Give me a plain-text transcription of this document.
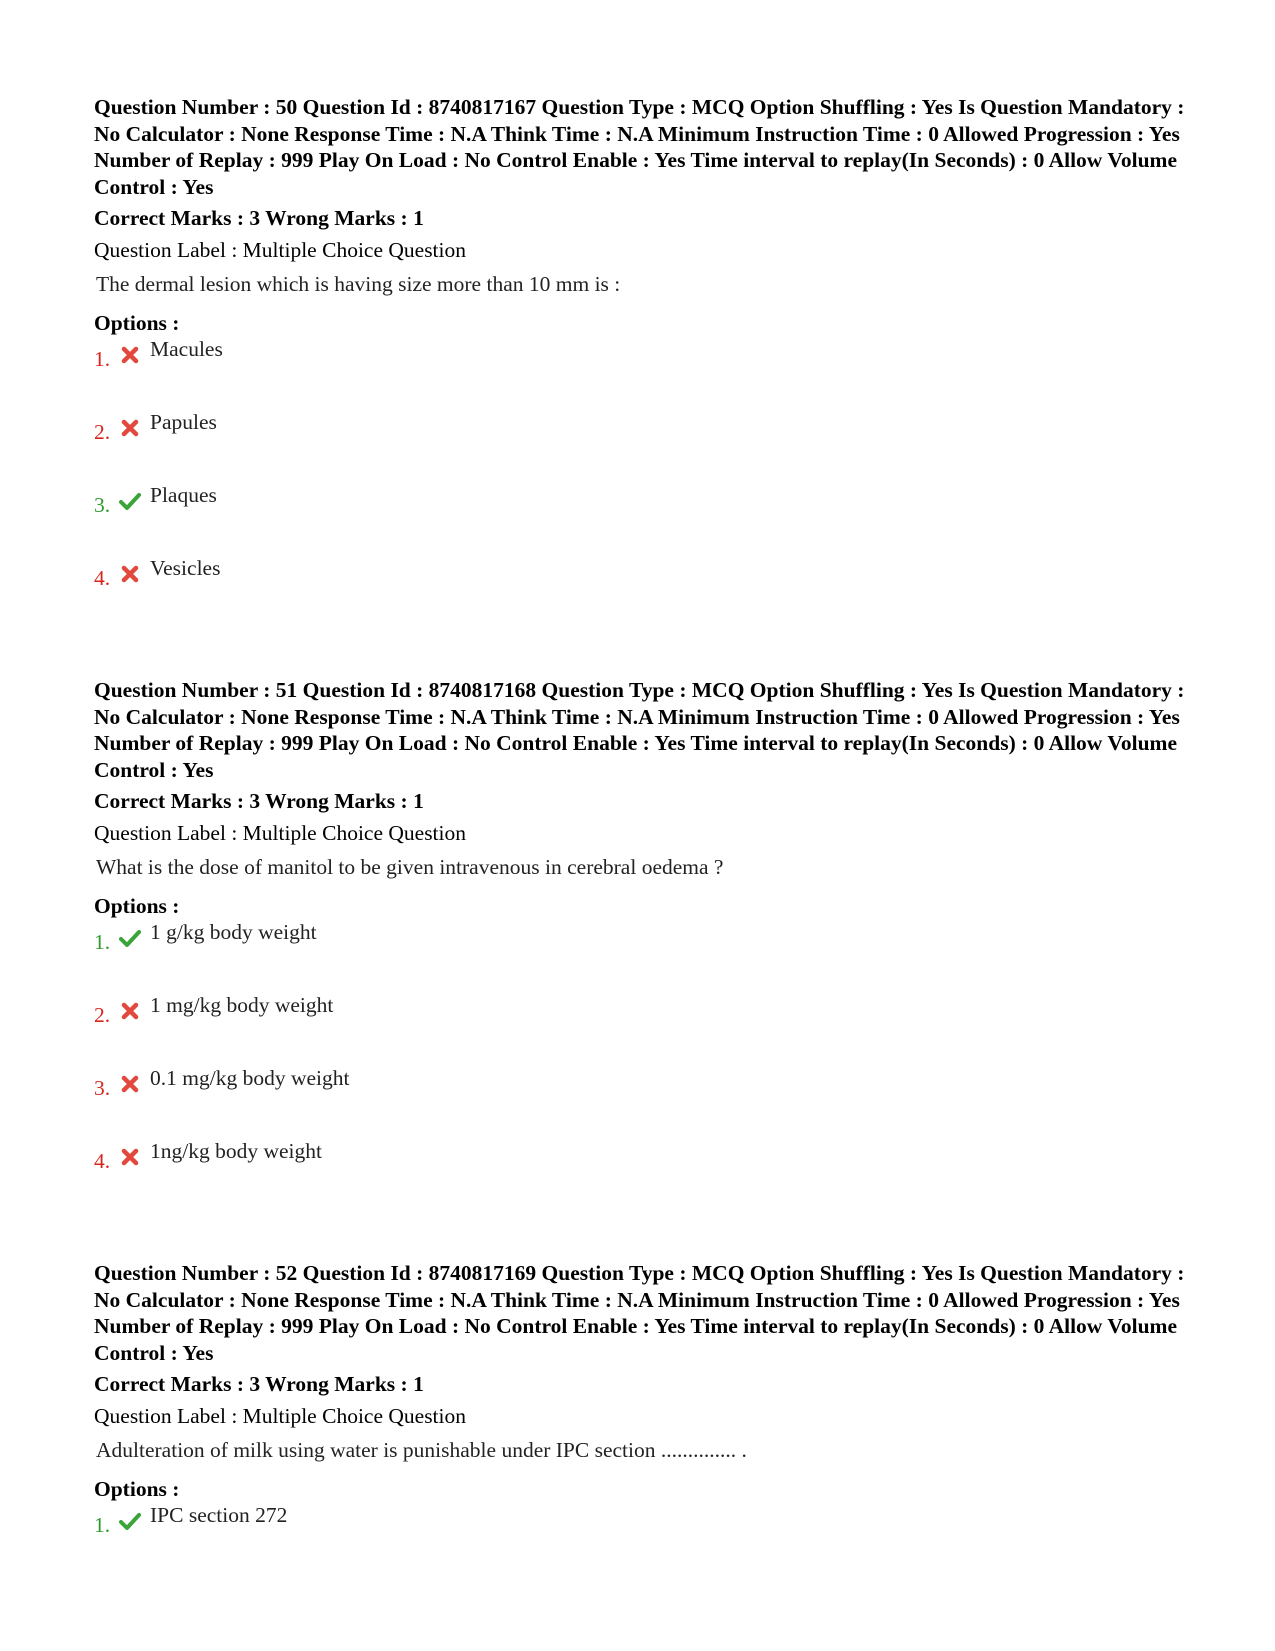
Question Number : 50 Question Id : 8740817167 Question Type : MCQ Option Shuffling : Yes Is Question Mandatory : No Calculator : None Response Time : N.A Think Time : N.A Minimum Instruction Time : 0 Allowed Progression : Yes Number of Replay : 999 Play On Load : No Control Enable : Yes Time interval to replay(In Seconds) : 0 Allow Volume Control : Yes
Correct Marks : 3 Wrong Marks : 1
Question Label : Multiple Choice Question
The dermal lesion which is having size more than 10 mm is :
Options :
1. Macules
2. Papules
3. Plaques
4. Vesicles
Question Number : 51 Question Id : 8740817168 Question Type : MCQ Option Shuffling : Yes Is Question Mandatory : No Calculator : None Response Time : N.A Think Time : N.A Minimum Instruction Time : 0 Allowed Progression : Yes Number of Replay : 999 Play On Load : No Control Enable : Yes Time interval to replay(In Seconds) : 0 Allow Volume Control : Yes
Correct Marks : 3 Wrong Marks : 1
Question Label : Multiple Choice Question
What is the dose of manitol to be given intravenous in cerebral oedema ?
Options :
1. 1 g/kg body weight
2. 1 mg/kg body weight
3. 0.1 mg/kg body weight
4. 1ng/kg body weight
Question Number : 52 Question Id : 8740817169 Question Type : MCQ Option Shuffling : Yes Is Question Mandatory : No Calculator : None Response Time : N.A Think Time : N.A Minimum Instruction Time : 0 Allowed Progression : Yes Number of Replay : 999 Play On Load : No Control Enable : Yes Time interval to replay(In Seconds) : 0 Allow Volume Control : Yes
Correct Marks : 3 Wrong Marks : 1
Question Label : Multiple Choice Question
Adulteration of milk using water is punishable under IPC section .............. .
Options :
1. IPC section 272
